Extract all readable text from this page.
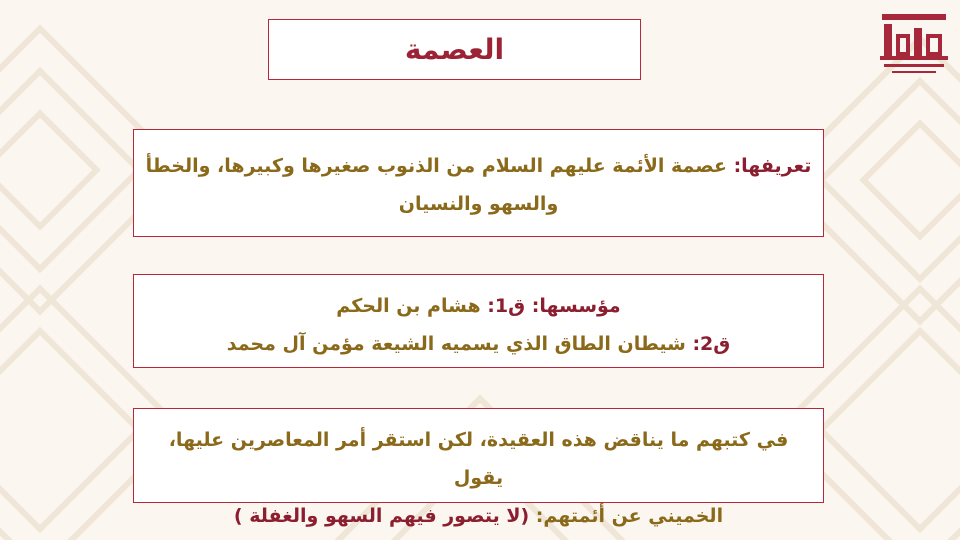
العصمة
تعريفها: عصمة الأئمة عليهم السلام من الذنوب صغيرها وكبيرها، والخطأ
والسهو والنسيان
مؤسسها: ق1: هشام بن الحكم
ق2: شيطان الطاق الذي يسميه الشيعة مؤمن آل محمد
في كتبهم ما يناقض هذه العقيدة، لكن استقر أمر المعاصرين عليها، يقول
الخميني عن أئمتهم: (لا يتصور فيهم السهو والغفلة )
